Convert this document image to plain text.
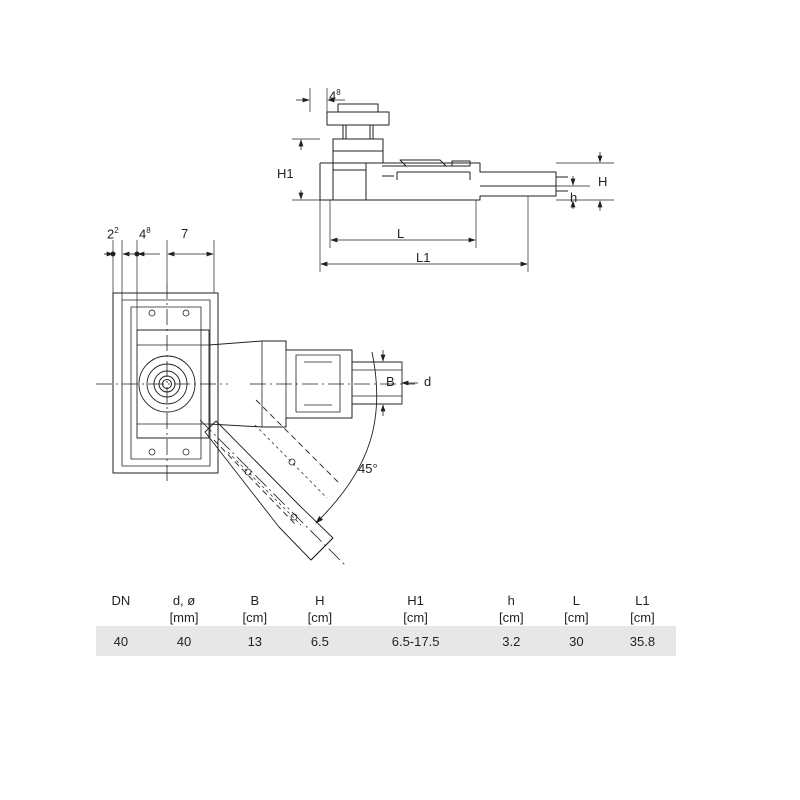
$4^8$
H1
H
h
L
L1
$2^2$ $4^8$ 7
B d
45°
DN	d, ø	B	H	H1	h	L	L1
	[mm]	[cm]	[cm]	[cm]	[cm]	[cm]	[cm]
40	40	13	6.5	6.5-17.5	3.2	30	35.8
